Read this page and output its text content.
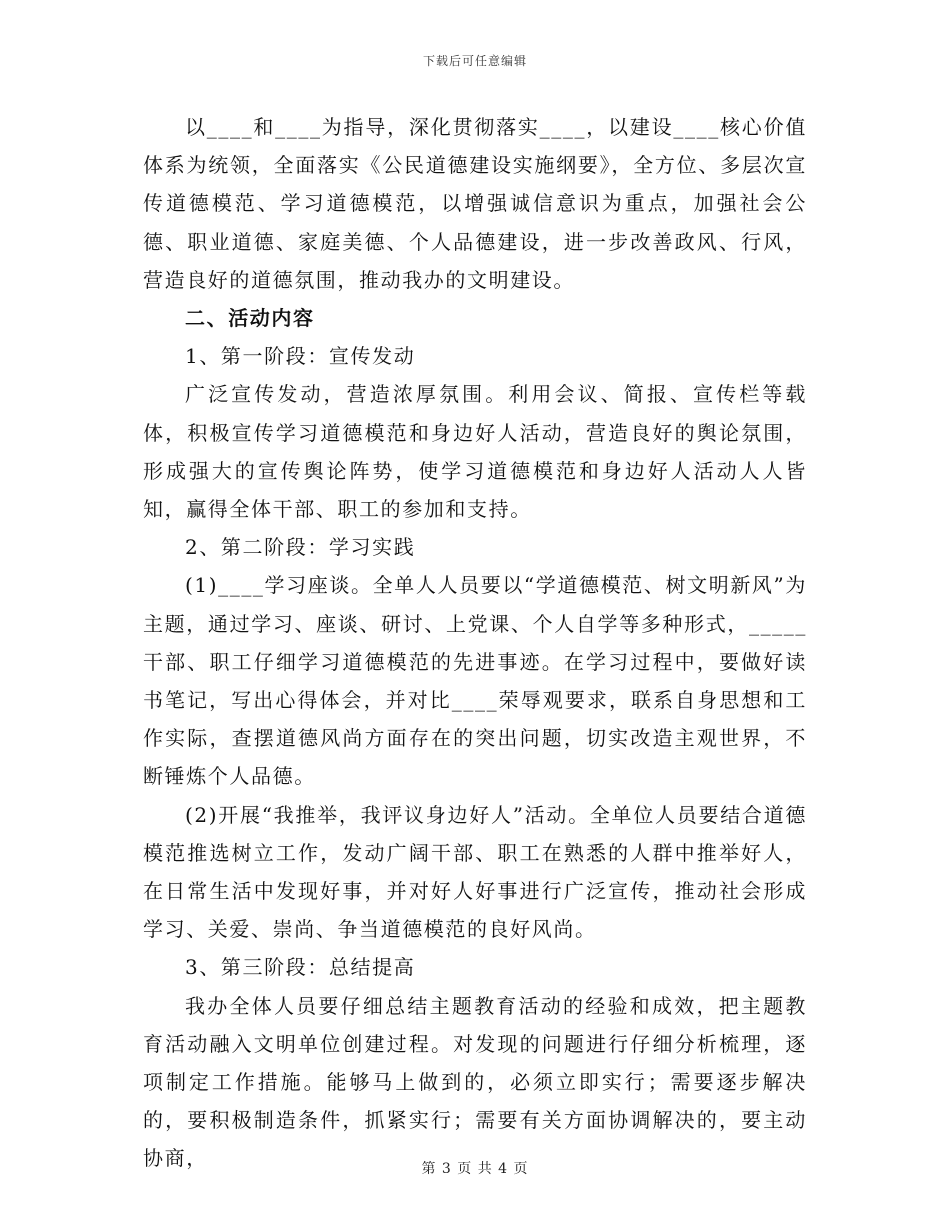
下载后可任意编辑

以____和____为指导，深化贯彻落实____，以建设____核心价值体系为统领，全面落实《公民道德建设实施纲要》，全方位、多层次宣传道德模范、学习道德模范，以增强诚信意识为重点，加强社会公德、职业道德、家庭美德、个人品德建设，进一步改善政风、行风，营造良好的道德氛围，推动我办的文明建设。

二、活动内容

1、第一阶段：宣传发动

广泛宣传发动，营造浓厚氛围。利用会议、简报、宣传栏等载体，积极宣传学习道德模范和身边好人活动，营造良好的舆论氛围，形成强大的宣传舆论阵势，使学习道德模范和身边好人活动人人皆知，赢得全体干部、职工的参加和支持。

2、第二阶段：学习实践

(1)____学习座谈。全单人人员要以“学道德模范、树文明新风”为主题，通过学习、座谈、研讨、上党课、个人自学等多种形式，_____干部、职工仔细学习道德模范的先进事迹。在学习过程中，要做好读书笔记，写出心得体会，并对比____荣辱观要求，联系自身思想和工作实际，查摆道德风尚方面存在的突出问题，切实改造主观世界，不断锤炼个人品德。

(2)开展“我推举，我评议身边好人”活动。全单位人员要结合道德模范推选树立工作，发动广阔干部、职工在熟悉的人群中推举好人，在日常生活中发现好事，并对好人好事进行广泛宣传，推动社会形成学习、关爱、崇尚、争当道德模范的良好风尚。

3、第三阶段：总结提高

我办全体人员要仔细总结主题教育活动的经验和成效，把主题教育活动融入文明单位创建过程。对发现的问题进行仔细分析梳理，逐项制定工作措施。能够马上做到的，必须立即实行；需要逐步解决的，要积极制造条件，抓紧实行；需要有关方面协调解决的，要主动协商，	第 3 页 共 4 页
